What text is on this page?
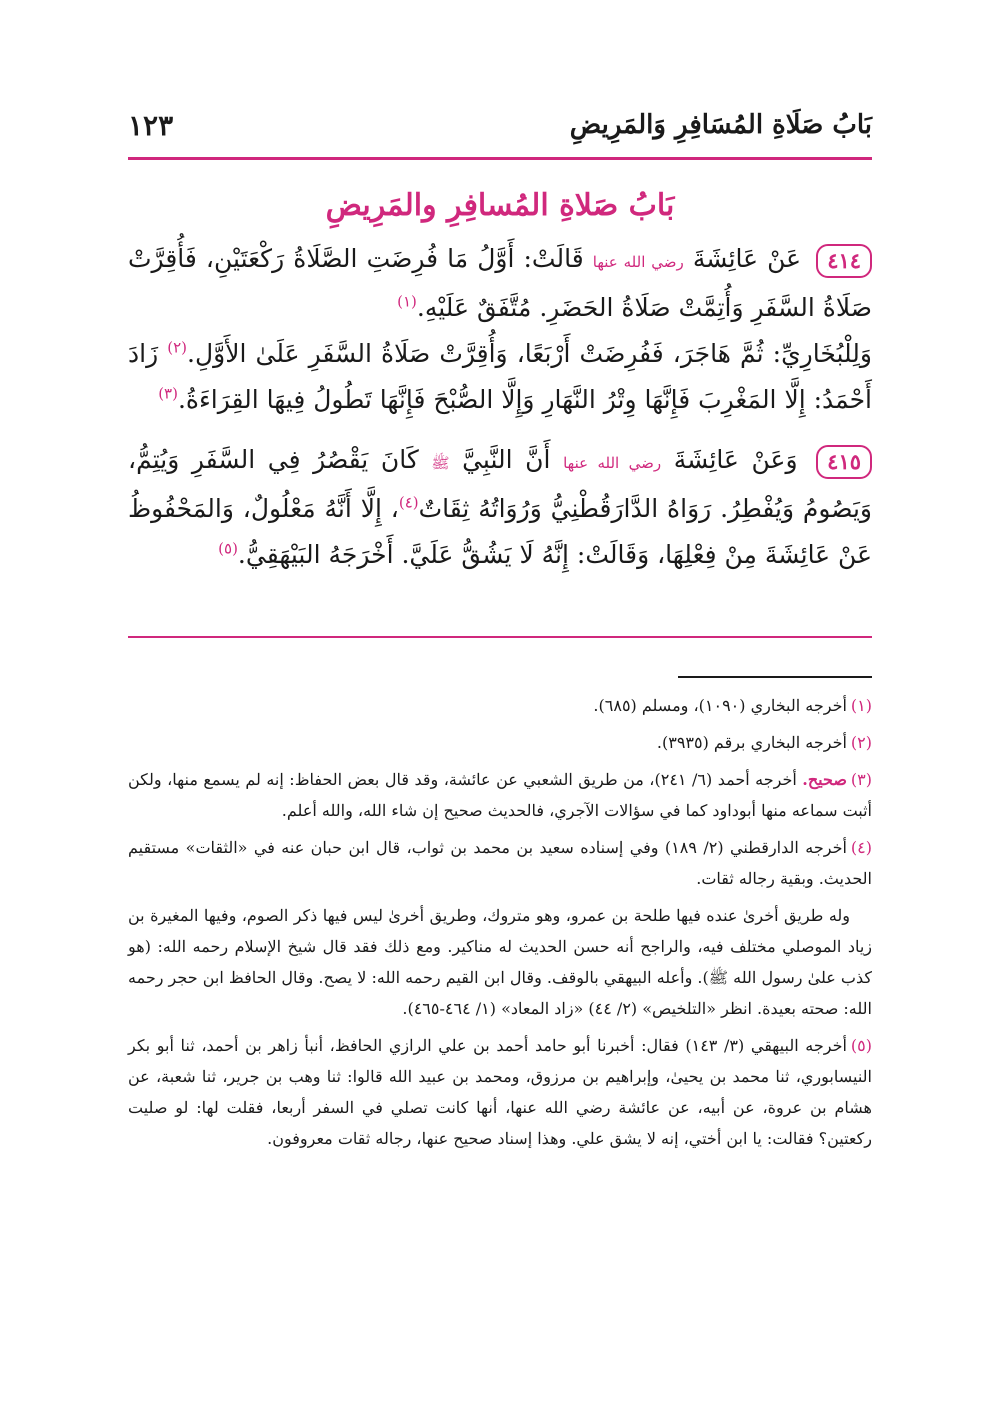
بَابُ صَلَاةِ المُسَافِرِ وَالمَرِيضِ
١٢٣
بَابُ صَلاةِ المُسافِرِ والمَرِيضِ

٤١٤ عَنْ عَائِشَةَ رضي الله عنها قَالَتْ: أَوَّلُ مَا فُرِضَتِ الصَّلَاةُ رَكْعَتَيْنِ، فَأُقِرَّتْ صَلَاةُ السَّفَرِ وَأُتِمَّتْ صَلَاةُ الحَضَرِ. مُتَّفَقٌ عَلَيْهِ.$^{(١)}$

وَلِلْبُخَارِيِّ: ثُمَّ هَاجَرَ، فَفُرِضَتْ أَرْبَعًا، وَأُقِرَّتْ صَلَاةُ السَّفَرِ عَلَىٰ الأَوَّلِ.$^{(٢)}$ زَادَ أَحْمَدُ: إِلَّا المَغْرِبَ فَإِنَّهَا وِتْرُ النَّهَارِ وَإِلَّا الصُّبْحَ فَإِنَّهَا تَطُولُ فِيهَا القِرَاءَةُ.$^{(٣)}$

٤١٥ وَعَنْ عَائِشَةَ رضي الله عنها أَنَّ النَّبِيَّ ﷺ كَانَ يَقْصُرُ فِي السَّفَرِ وَيُتِمُّ، وَيَصُومُ وَيُفْطِرُ. رَوَاهُ الدَّارَقُطْنِيُّ وَرُوَاتُهُ ثِقَاتٌ$^{(٤)}$، إِلَّا أَنَّهُ مَعْلُولٌ، وَالمَحْفُوظُ عَنْ عَائِشَةَ مِنْ فِعْلِهَا، وَقَالَتْ: إِنَّهُ لَا يَشُقُّ عَلَيَّ. أَخْرَجَهُ البَيْهَقِيُّ.$^{(٥)}$

(١)أخرجه البخاري (١٠٩٠)، ومسلم (٦٨٥).

(٢)أخرجه البخاري برقم (٣٩٣٥).

(٣)صحيح. أخرجه أحمد (٦/ ٢٤١)، من طريق الشعبي عن عائشة، وقد قال بعض الحفاظ: إنه لم يسمع منها، ولكن أثبت سماعه منها أبوداود كما في سؤالات الآجري، فالحديث صحيح إن شاء الله، والله أعلم.

(٤)أخرجه الدارقطني (٢/ ١٨٩) وفي إسناده سعيد بن محمد بن ثواب، قال ابن حبان عنه في «الثقات» مستقيم الحديث. وبقية رجاله ثقات.

وله طريق أخرىٰ عنده فيها طلحة بن عمرو، وهو متروك، وطريق أخرىٰ ليس فيها ذكر الصوم، وفيها المغيرة بن زياد الموصلي مختلف فيه، والراجح أنه حسن الحديث له مناكير. ومع ذلك فقد قال شيخ الإسلام رحمه الله: (هو كذب علىٰ رسول الله ﷺ). وأعله البيهقي بالوقف. وقال ابن القيم رحمه الله: لا يصح. وقال الحافظ ابن حجر رحمه الله: صحته بعيدة. انظر «التلخيص» (٢/ ٤٤) «زاد المعاد» (١/ ٤٦٤-٤٦٥).

(٥)أخرجه البيهقي (٣/ ١٤٣) فقال: أخبرنا أبو حامد أحمد بن علي الرازي الحافظ، أنبأ زاهر بن أحمد، ثنا أبو بكر النيسابوري، ثنا محمد بن يحيىٰ، وإبراهيم بن مرزوق، ومحمد بن عبيد الله قالوا: ثنا وهب بن جرير، ثنا شعبة، عن هشام بن عروة، عن أبيه، عن عائشة رضي الله عنها، أنها كانت تصلي في السفر أربعا، فقلت لها: لو صليت ركعتين؟ فقالت: يا ابن أختي، إنه لا يشق علي. وهذا إسناد صحيح عنها، رجاله ثقات معروفون.
